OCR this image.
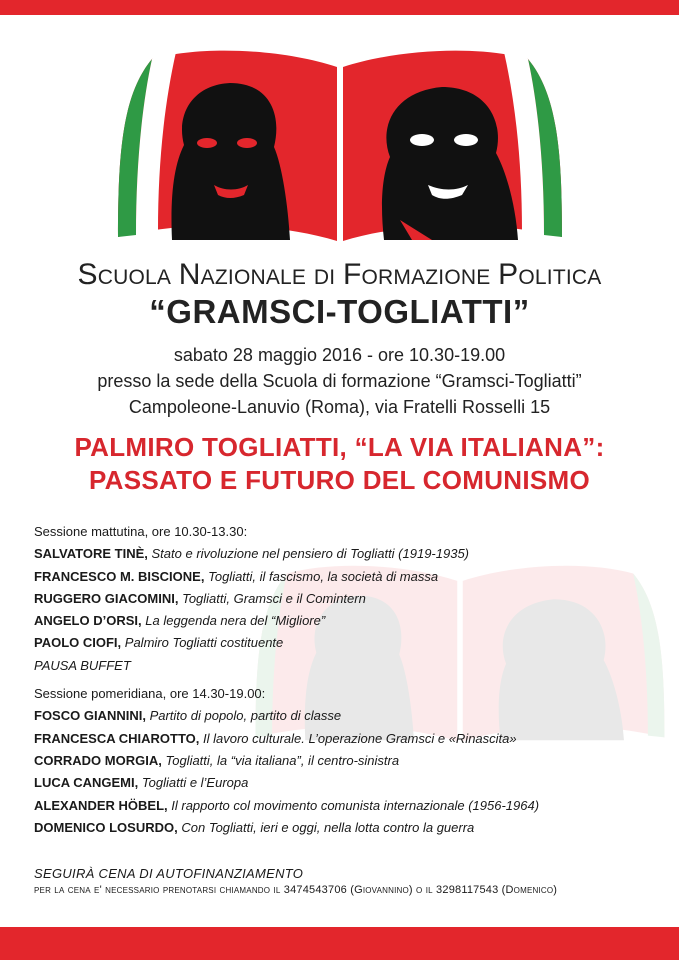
SCUOLA NAZIONALE DI FORMAZIONE POLITICA
“GRAMSCI-TOGLIATTI”
sabato 28 maggio 2016 - ore 10.30-19.00
presso la sede della Scuola di formazione “Gramsci-Togliatti”
Campoleone-Lanuvio (Roma), via Fratelli Rosselli 15
PALMIRO TOGLIATTI, “LA VIA ITALIANA”:
PASSATO E FUTURO DEL COMUNISMO
Sessione mattutina, ore 10.30-13.30:
SALVATORE TINÈ, Stato e rivoluzione nel pensiero di Togliatti (1919-1935)
FRANCESCO M. BISCIONE, Togliatti, il fascismo, la società di massa
RUGGERO GIACOMINI, Togliatti, Gramsci e il Comintern
ANGELO D’ORSI, La leggenda nera del “Migliore”
PAOLO CIOFI, Palmiro Togliatti costituente
PAUSA BUFFET
Sessione pomeridiana, ore 14.30-19.00:
FOSCO GIANNINI, Partito di popolo, partito di classe
FRANCESCA CHIAROTTO, Il lavoro culturale. L’operazione Gramsci e «Rinascita»
CORRADO MORGIA, Togliatti, la “via italiana”, il centro-sinistra
LUCA CANGEMI, Togliatti e l’Europa
ALEXANDER HÖBEL, Il rapporto col movimento comunista internazionale (1956-1964)
DOMENICO LOSURDO, Con Togliatti, ieri e oggi, nella lotta contro la guerra
SEGUIRÀ CENA DI AUTOFINANZIAMENTO
per la cena e' necessario prenotarsi chiamando il 3474543706 (Giovannino) o il 3298117543 (Domenico)
